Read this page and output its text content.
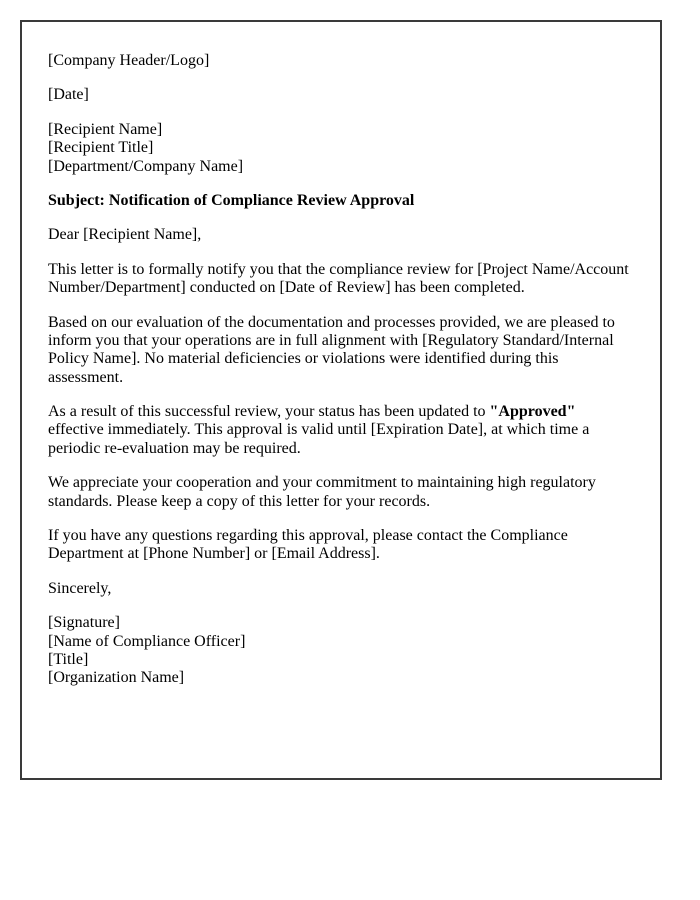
[Company Header/Logo]

[Date]

[Recipient Name]
[Recipient Title]
[Department/Company Name]

Subject: Notification of Compliance Review Approval

Dear [Recipient Name],

This letter is to formally notify you that the compliance review for [Project Name/Account Number/Department] conducted on [Date of Review] has been completed.

Based on our evaluation of the documentation and processes provided, we are pleased to inform you that your operations are in full alignment with [Regulatory Standard/Internal Policy Name]. No material deficiencies or violations were identified during this assessment.

As a result of this successful review, your status has been updated to "Approved" effective immediately. This approval is valid until [Expiration Date], at which time a periodic re-evaluation may be required.

We appreciate your cooperation and your commitment to maintaining high regulatory standards. Please keep a copy of this letter for your records.

If you have any questions regarding this approval, please contact the Compliance Department at [Phone Number] or [Email Address].

Sincerely,

[Signature]
[Name of Compliance Officer]
[Title]
[Organization Name]
